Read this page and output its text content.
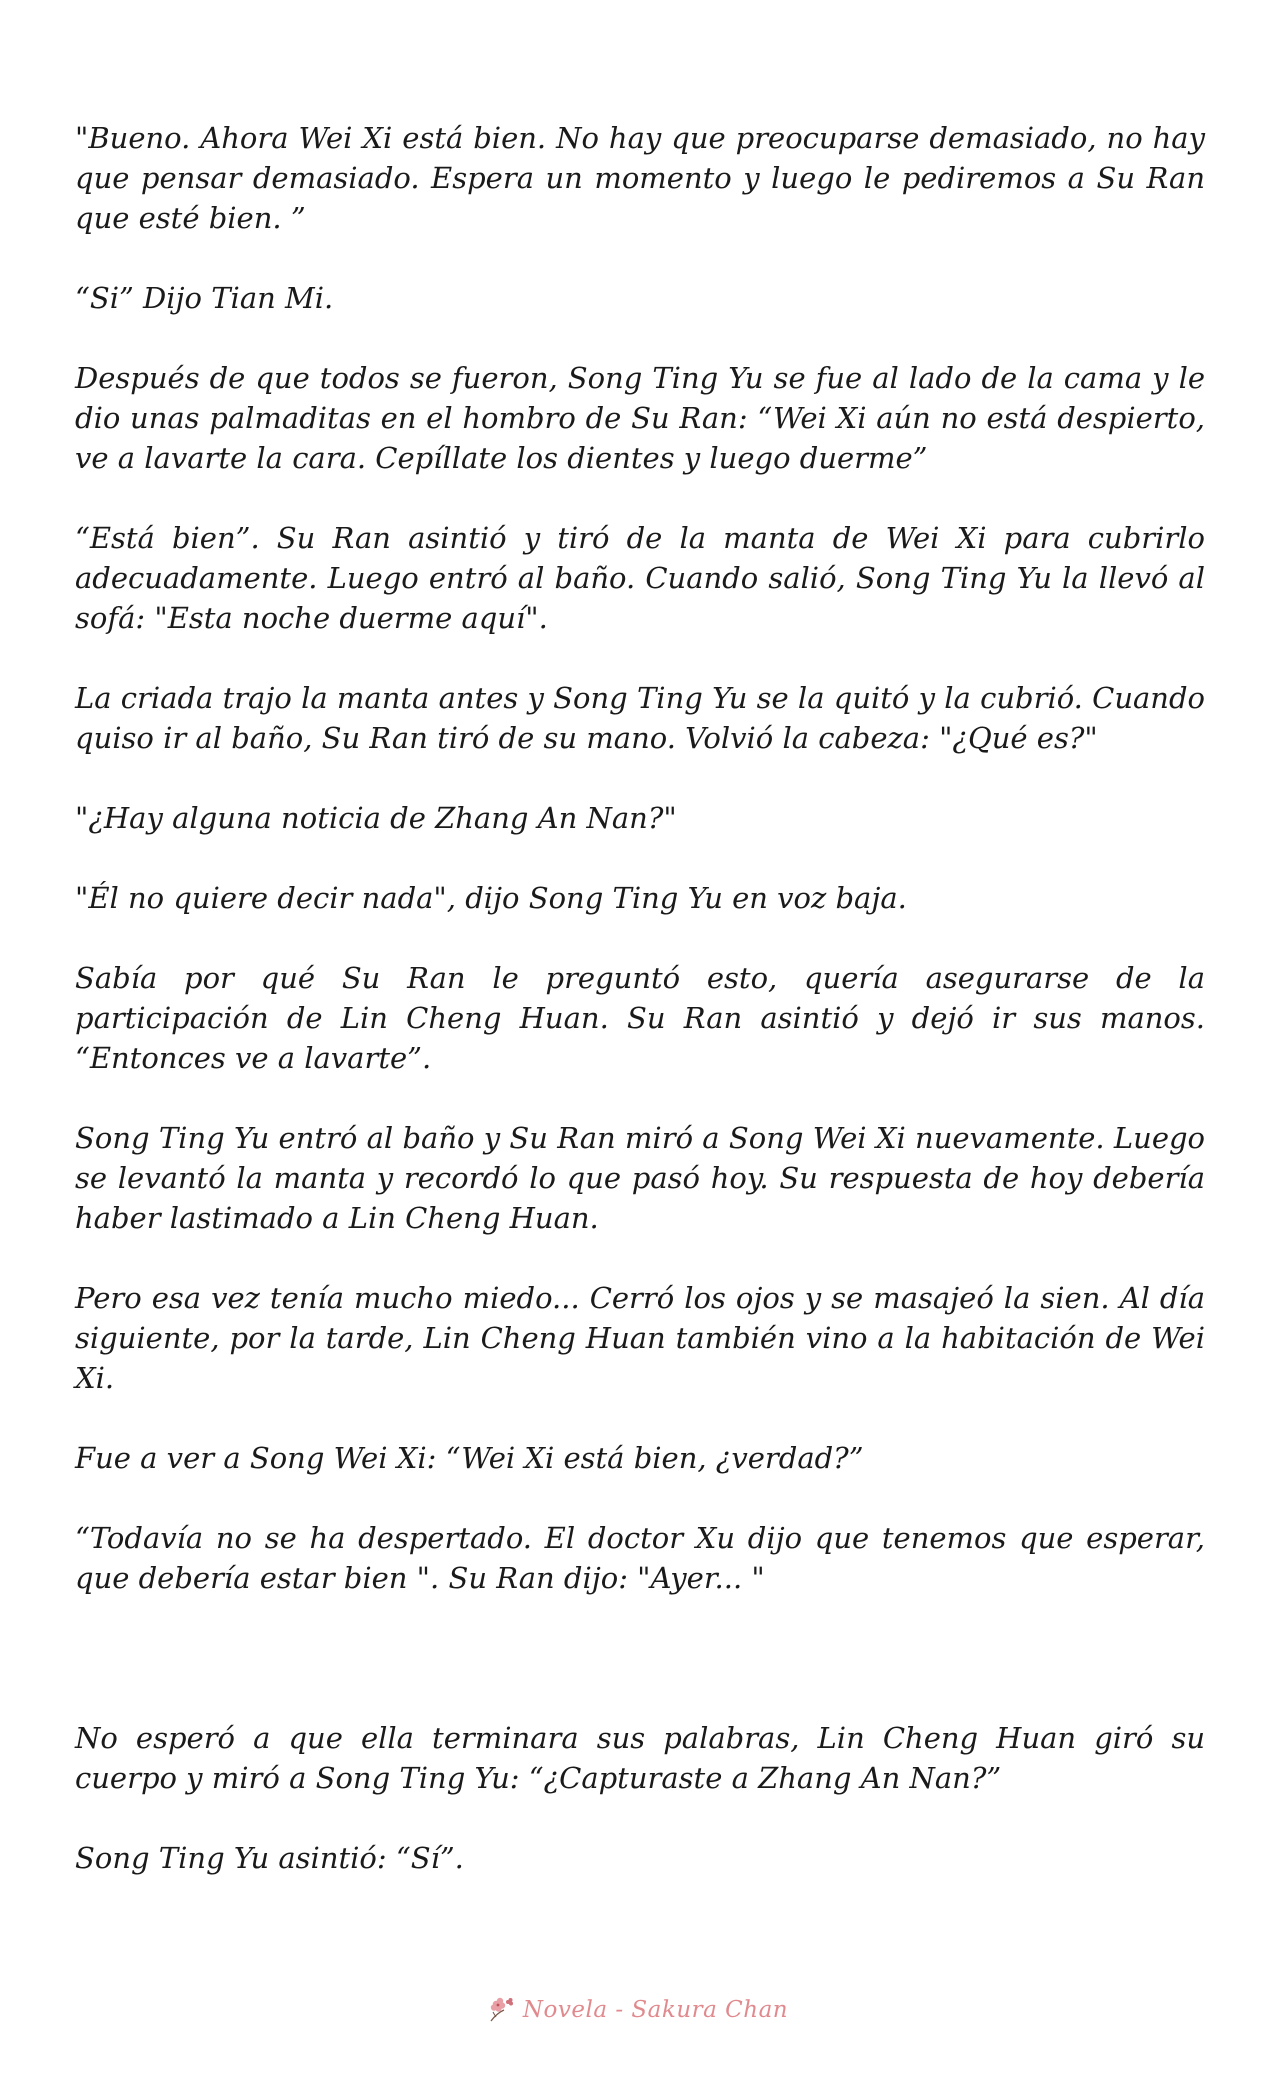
"Bueno. Ahora Wei Xi está bien. No hay que preocuparse demasiado, no hay que pensar demasiado. Espera un momento y luego le pediremos a Su Ran que esté bien. ”

“Si” Dijo Tian Mi.

Después de que todos se fueron, Song Ting Yu se fue al lado de la cama y le dio unas palmaditas en el hombro de Su Ran: “Wei Xi aún no está despierto, ve a lavarte la cara. Cepíllate los dientes y luego duerme”

“Está bien”. Su Ran asintió y tiró de la manta de Wei Xi para cubrirlo adecuadamente. Luego entró al baño. Cuando salió, Song Ting Yu la llevó al sofá: "Esta noche duerme aquí".

La criada trajo la manta antes y Song Ting Yu se la quitó y la cubrió. Cuando quiso ir al baño, Su Ran tiró de su mano. Volvió la cabeza: "¿Qué es?"

"¿Hay alguna noticia de Zhang An Nan?"

"Él no quiere decir nada", dijo Song Ting Yu en voz baja.

Sabía por qué Su Ran le preguntó esto, quería asegurarse de la participación de Lin Cheng Huan. Su Ran asintió y dejó ir sus manos. “Entonces ve a lavarte”.

Song Ting Yu entró al baño y Su Ran miró a Song Wei Xi nuevamente. Luego se levantó la manta y recordó lo que pasó hoy. Su respuesta de hoy debería haber lastimado a Lin Cheng Huan.

Pero esa vez tenía mucho miedo... Cerró los ojos y se masajeó la sien. Al día siguiente, por la tarde, Lin Cheng Huan también vino a la habitación de Wei Xi.

Fue a ver a Song Wei Xi: “Wei Xi está bien, ¿verdad?”

“Todavía no se ha despertado. El doctor Xu dijo que tenemos que esperar, que debería estar bien ". Su Ran dijo: "Ayer... "

No esperó a que ella terminara sus palabras, Lin Cheng Huan giró su cuerpo y miró a Song Ting Yu: “¿Capturaste a Zhang An Nan?”

Song Ting Yu asintió: “Sí”.

Novela - Sakura Chan
